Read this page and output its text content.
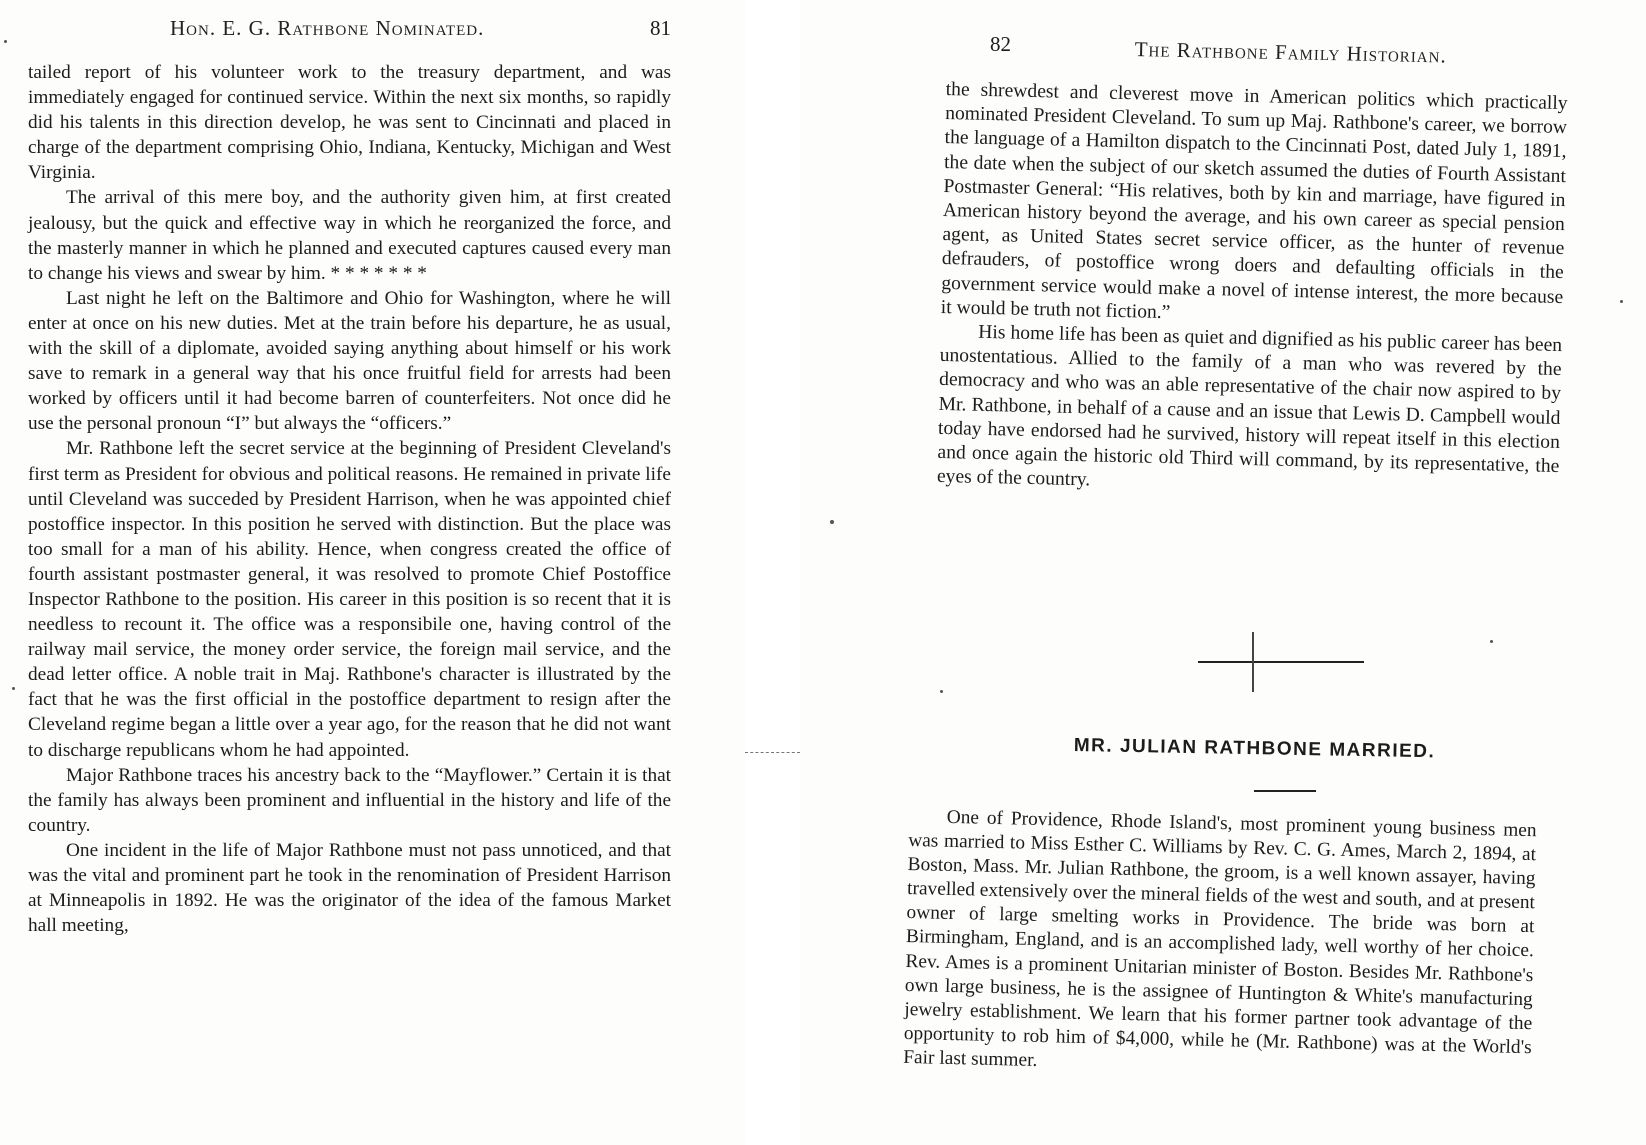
Hon. E. G. Rathbone Nominated.	81

tailed report of his volunteer work to the treasury department, and was immediately engaged for continued service. Within the next six months, so rapidly did his talents in this direction develop, he was sent to Cincinnati and placed in charge of the department comprising Ohio, Indiana, Kentucky, Michigan and West Virginia.

The arrival of this mere boy, and the authority given him, at first created jealousy, but the quick and effective way in which he reorganized the force, and the masterly manner in which he planned and executed captures caused every man to change his views and swear by him. * * * * * * *

Last night he left on the Baltimore and Ohio for Washington, where he will enter at once on his new duties. Met at the train before his departure, he as usual, with the skill of a diplomate, avoided saying anything about himself or his work save to remark in a general way that his once fruitful field for arrests had been worked by officers until it had become barren of counterfeiters. Not once did he use the personal pronoun “I” but always the “officers.”

Mr. Rathbone left the secret service at the beginning of President Cleveland's first term as President for obvious and political reasons. He remained in private life until Cleveland was succeded by President Harrison, when he was appointed chief postoffice inspector. In this position he served with distinction. But the place was too small for a man of his ability. Hence, when congress created the office of fourth assistant postmaster general, it was resolved to promote Chief Postoffice Inspector Rathbone to the position. His career in this position is so recent that it is needless to recount it. The office was a responsibile one, having control of the railway mail service, the money order service, the foreign mail service, and the dead letter office. A noble trait in Maj. Rathbone's character is illustrated by the fact that he was the first official in the postoffice department to resign after the Cleveland regime began a little over a year ago, for the reason that he did not want to discharge republicans whom he had appointed.

Major Rathbone traces his ancestry back to the “Mayflower.” Certain it is that the family has always been prominent and influential in the history and life of the country.

One incident in the life of Major Rathbone must not pass unnoticed, and that was the vital and prominent part he took in the renomination of President Harrison at Minneapolis in 1892. He was the originator of the idea of the famous Market hall meeting,

82	The Rathbone Family Historian.

the shrewdest and cleverest move in American politics which practically nominated President Cleveland. To sum up Maj. Rathbone's career, we borrow the language of a Hamilton dispatch to the Cincinnati Post, dated July 1, 1891, the date when the subject of our sketch assumed the duties of Fourth Assistant Postmaster General: “His relatives, both by kin and marriage, have figured in American history beyond the average, and his own career as special pension agent, as United States secret service officer, as the hunter of revenue defrauders, of postoffice wrong doers and defaulting officials in the government service would make a novel of intense interest, the more because it would be truth not fiction.”

His home life has been as quiet and dignified as his public career has been unostentatious. Allied to the family of a man who was revered by the democracy and who was an able representative of the chair now aspired to by Mr. Rathbone, in behalf of a cause and an issue that Lewis D. Campbell would today have endorsed had he survived, history will repeat itself in this election and once again the historic old Third will command, by its representative, the eyes of the country.

MR. JULIAN RATHBONE MARRIED.

One of Providence, Rhode Island's, most prominent young business men was married to Miss Esther C. Williams by Rev. C. G. Ames, March 2, 1894, at Boston, Mass. Mr. Julian Rathbone, the groom, is a well known assayer, having travelled extensively over the mineral fields of the west and south, and at present owner of large smelting works in Providence. The bride was born at Birmingham, England, and is an accomplished lady, well worthy of her choice. Rev. Ames is a prominent Unitarian minister of Boston. Besides Mr. Rathbone's own large business, he is the assignee of Huntington & White's manufacturing jewelry establishment. We learn that his former partner took advantage of the opportunity to rob him of $4,000, while he (Mr. Rathbone) was at the World's Fair last summer.
